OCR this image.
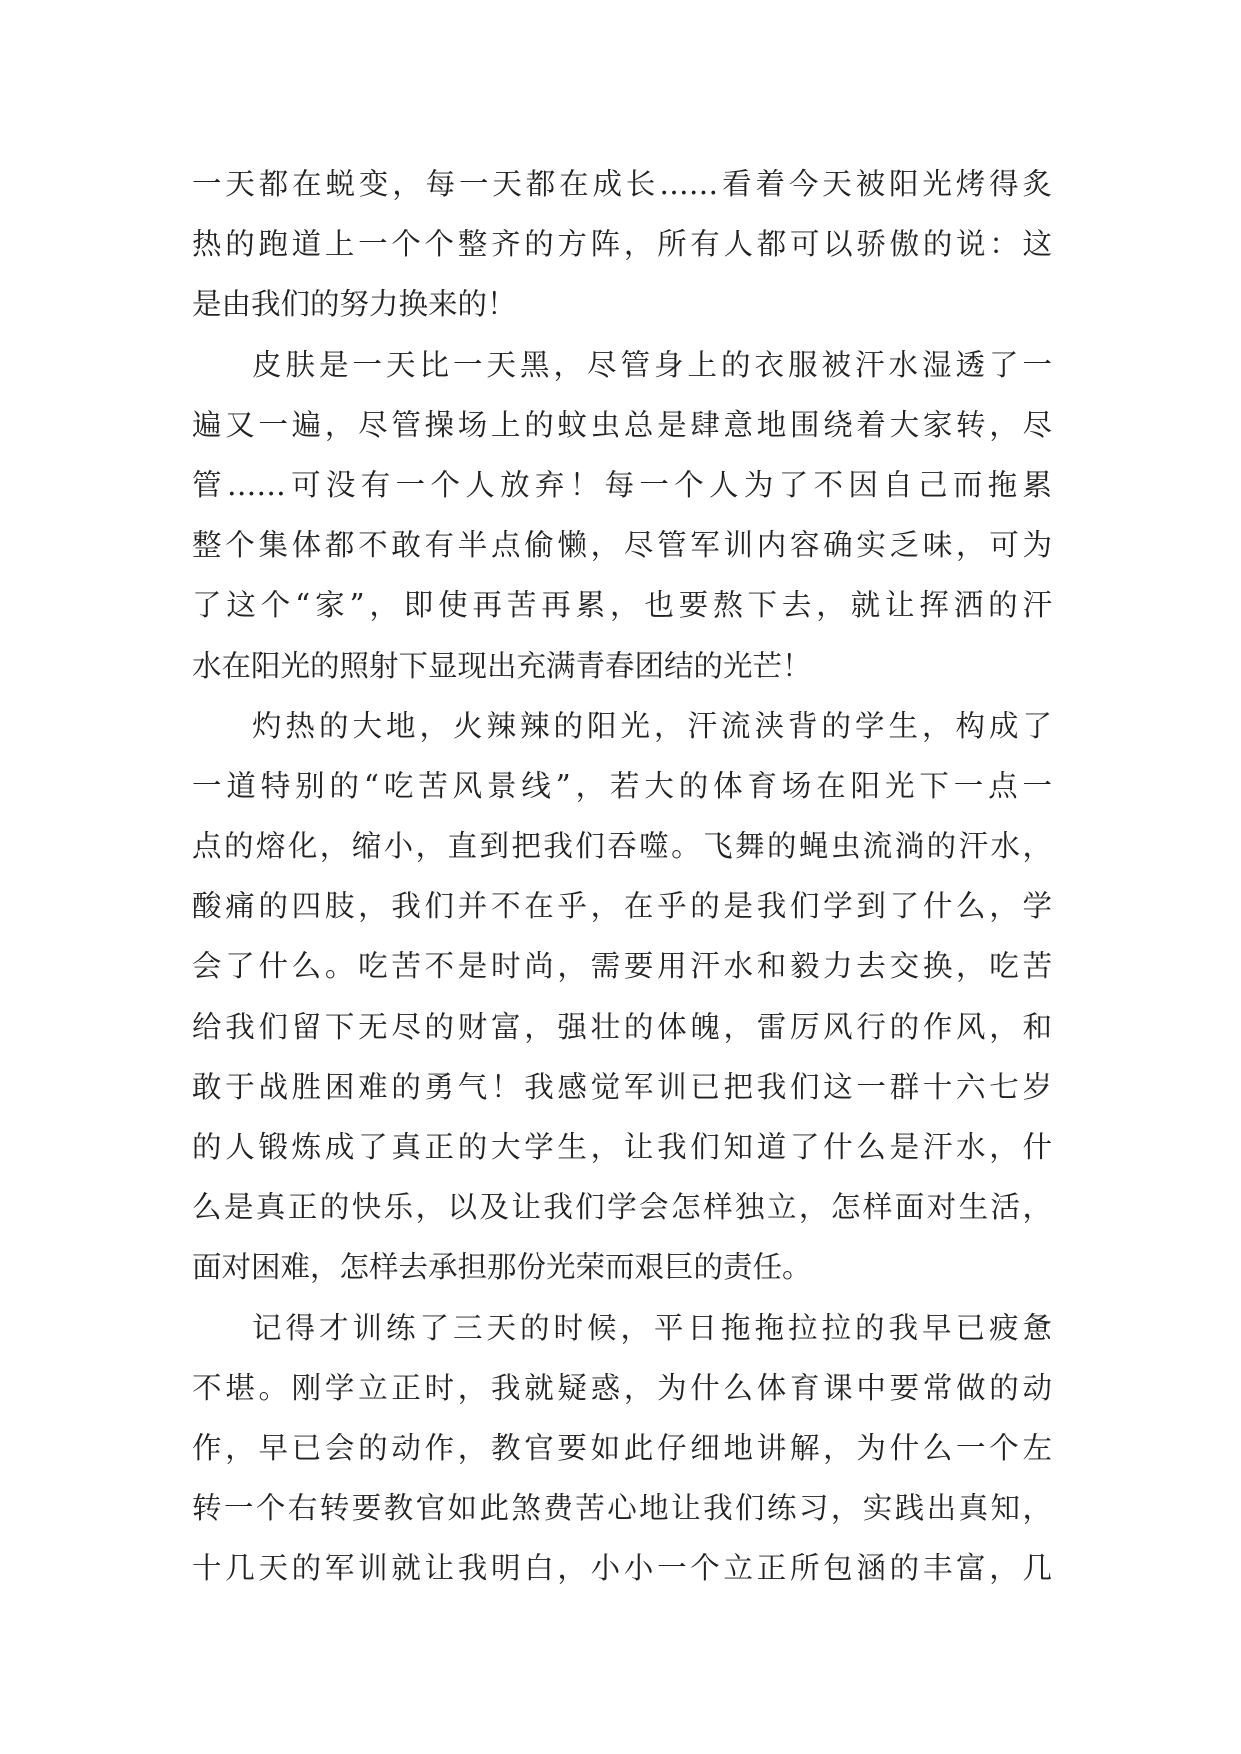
一天都在蜕变，每一天都在成长……看着今天被阳光烤得炙
热的跑道上一个个整齐的方阵，所有人都可以骄傲的说：这
是由我们的努力换来的！
皮肤是一天比一天黑，尽管身上的衣服被汗水湿透了一
遍又一遍，尽管操场上的蚊虫总是肆意地围绕着大家转，尽
管……可没有一个人放弃！每一个人为了不因自己而拖累
整个集体都不敢有半点偷懒，尽管军训内容确实乏味，可为
了这个“家”，即使再苦再累，也要熬下去，就让挥洒的汗
水在阳光的照射下显现出充满青春团结的光芒！
灼热的大地，火辣辣的阳光，汗流浃背的学生，构成了
一道特别的“吃苦风景线”，若大的体育场在阳光下一点一
点的熔化，缩小，直到把我们吞噬。飞舞的蝇虫流淌的汗水，
酸痛的四肢，我们并不在乎，在乎的是我们学到了什么，学
会了什么。吃苦不是时尚，需要用汗水和毅力去交换，吃苦
给我们留下无尽的财富，强壮的体魄，雷厉风行的作风，和
敢于战胜困难的勇气！我感觉军训已把我们这一群十六七岁
的人锻炼成了真正的大学生，让我们知道了什么是汗水，什
么是真正的快乐，以及让我们学会怎样独立，怎样面对生活，
面对困难，怎样去承担那份光荣而艰巨的责任。
记得才训练了三天的时候，平日拖拖拉拉的我早已疲惫
不堪。刚学立正时，我就疑惑，为什么体育课中要常做的动
作，早已会的动作，教官要如此仔细地讲解，为什么一个左
转一个右转要教官如此煞费苦心地让我们练习，实践出真知，
十几天的军训就让我明白，小小一个立正所包涵的丰富，几
